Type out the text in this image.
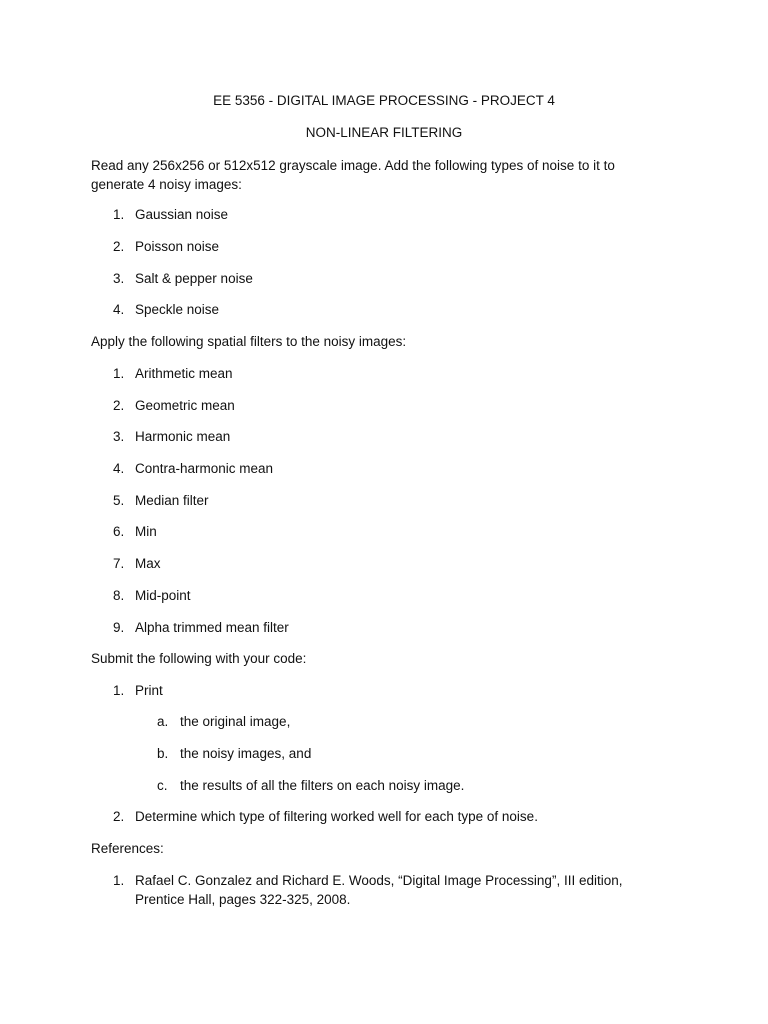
EE 5356 - DIGITAL IMAGE PROCESSING - PROJECT 4
NON-LINEAR FILTERING
Read any 256x256 or 512x512 grayscale image. Add the following types of noise to it to generate 4 noisy images:
1. Gaussian noise
2. Poisson noise
3. Salt & pepper noise
4. Speckle noise
Apply the following spatial filters to the noisy images:
1. Arithmetic mean
2. Geometric mean
3. Harmonic mean
4. Contra-harmonic mean
5. Median filter
6. Min
7. Max
8. Mid-point
9. Alpha trimmed mean filter
Submit the following with your code:
1. Print
a. the original image,
b. the noisy images, and
c. the results of all the filters on each noisy image.
2. Determine which type of filtering worked well for each type of noise.
References:
1. Rafael C. Gonzalez and Richard E. Woods, “Digital Image Processing”, III edition, Prentice Hall, pages 322-325, 2008.
